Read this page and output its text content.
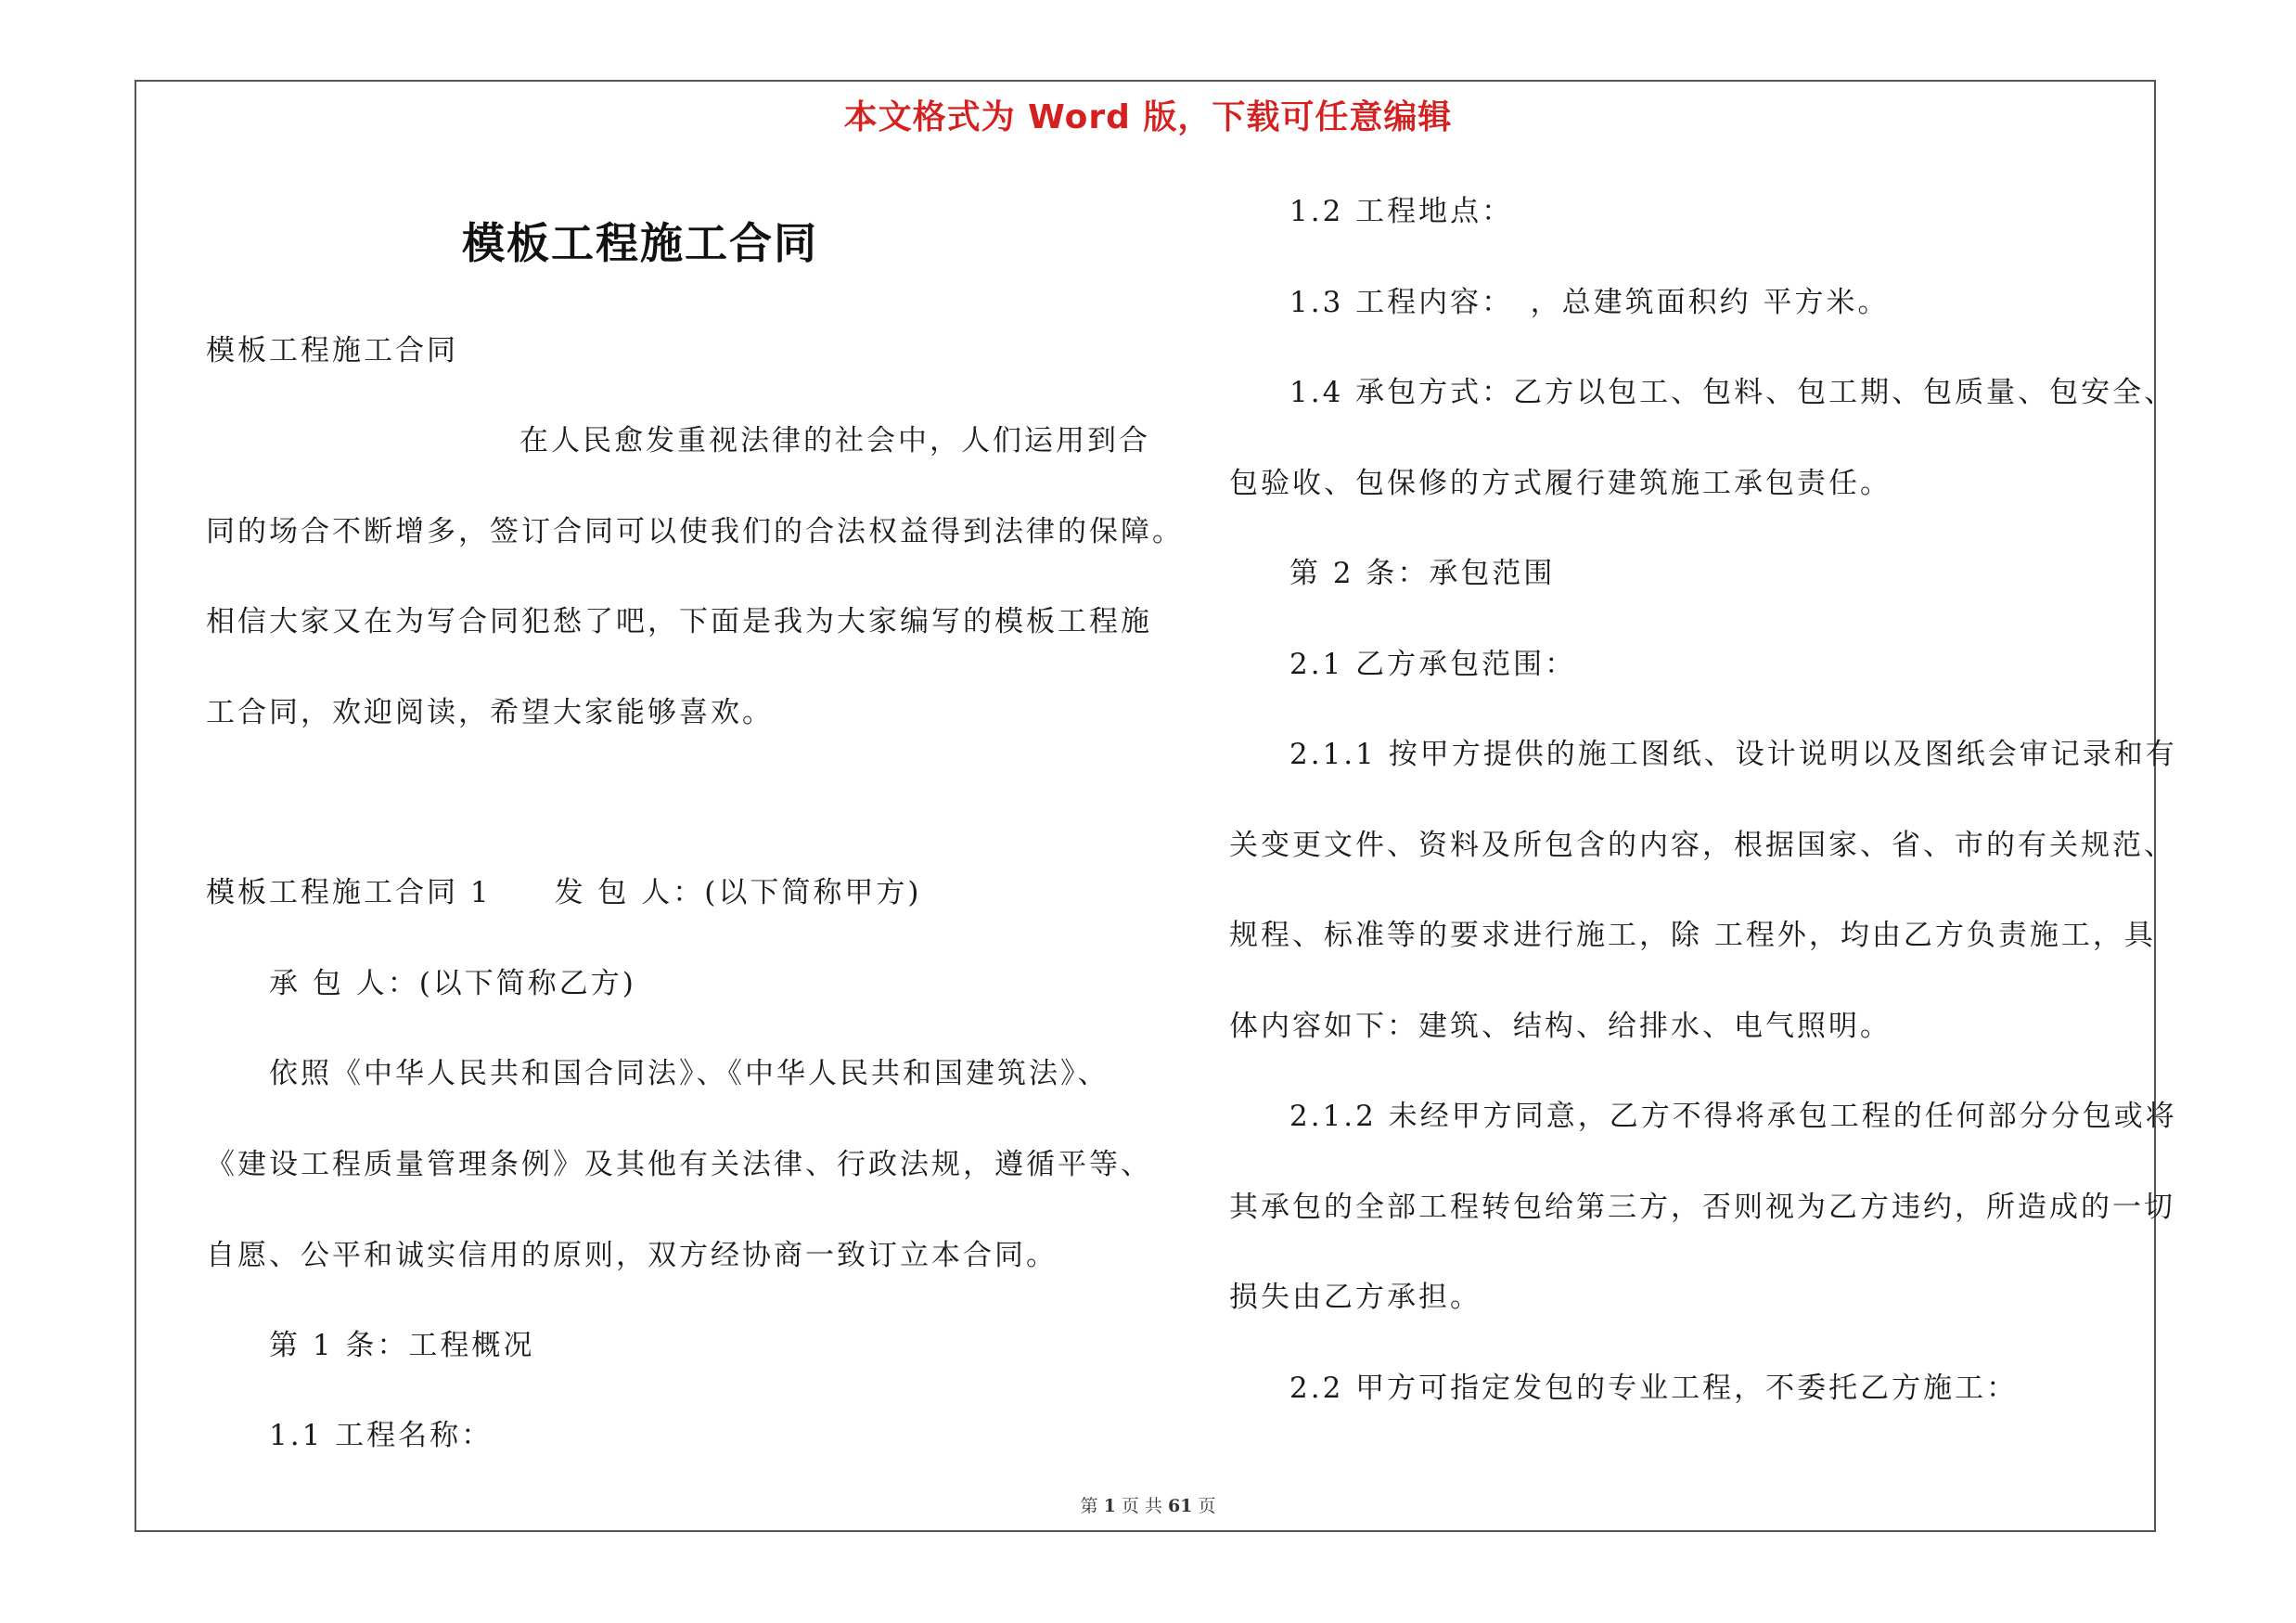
本文格式为 Word 版，下载可任意编辑
模板工程施工合同
模板工程施工合同
在人民愈发重视法律的社会中，人们运用到合
同的场合不断增多，签订合同可以使我们的合法权益得到法律的保障。
相信大家又在为写合同犯愁了吧，下面是我为大家编写的模板工程施
工合同，欢迎阅读，希望大家能够喜欢。
模板工程施工合同 1　　发 包 人：(以下简称甲方)
承 包 人：(以下简称乙方)
依照《中华人民共和国合同法》、《中华人民共和国建筑法》、
《建设工程质量管理条例》及其他有关法律、行政法规，遵循平等、
自愿、公平和诚实信用的原则，双方经协商一致订立本合同。
第 1 条：工程概况
1.1 工程名称：
1.2 工程地点：
1.3 工程内容：　，总建筑面积约 平方米。
1.4 承包方式：乙方以包工、包料、包工期、包质量、包安全、
包验收、包保修的方式履行建筑施工承包责任。
第 2 条：承包范围
2.1 乙方承包范围：
2.1.1 按甲方提供的施工图纸、设计说明以及图纸会审记录和有
关变更文件、资料及所包含的内容，根据国家、省、市的有关规范、
规程、标准等的要求进行施工，除 工程外，均由乙方负责施工，具
体内容如下：建筑、结构、给排水、电气照明。
2.1.2 未经甲方同意，乙方不得将承包工程的任何部分分包或将
其承包的全部工程转包给第三方，否则视为乙方违约，所造成的一切
损失由乙方承担。
2.2 甲方可指定发包的专业工程，不委托乙方施工：
第 1 页 共 61 页
